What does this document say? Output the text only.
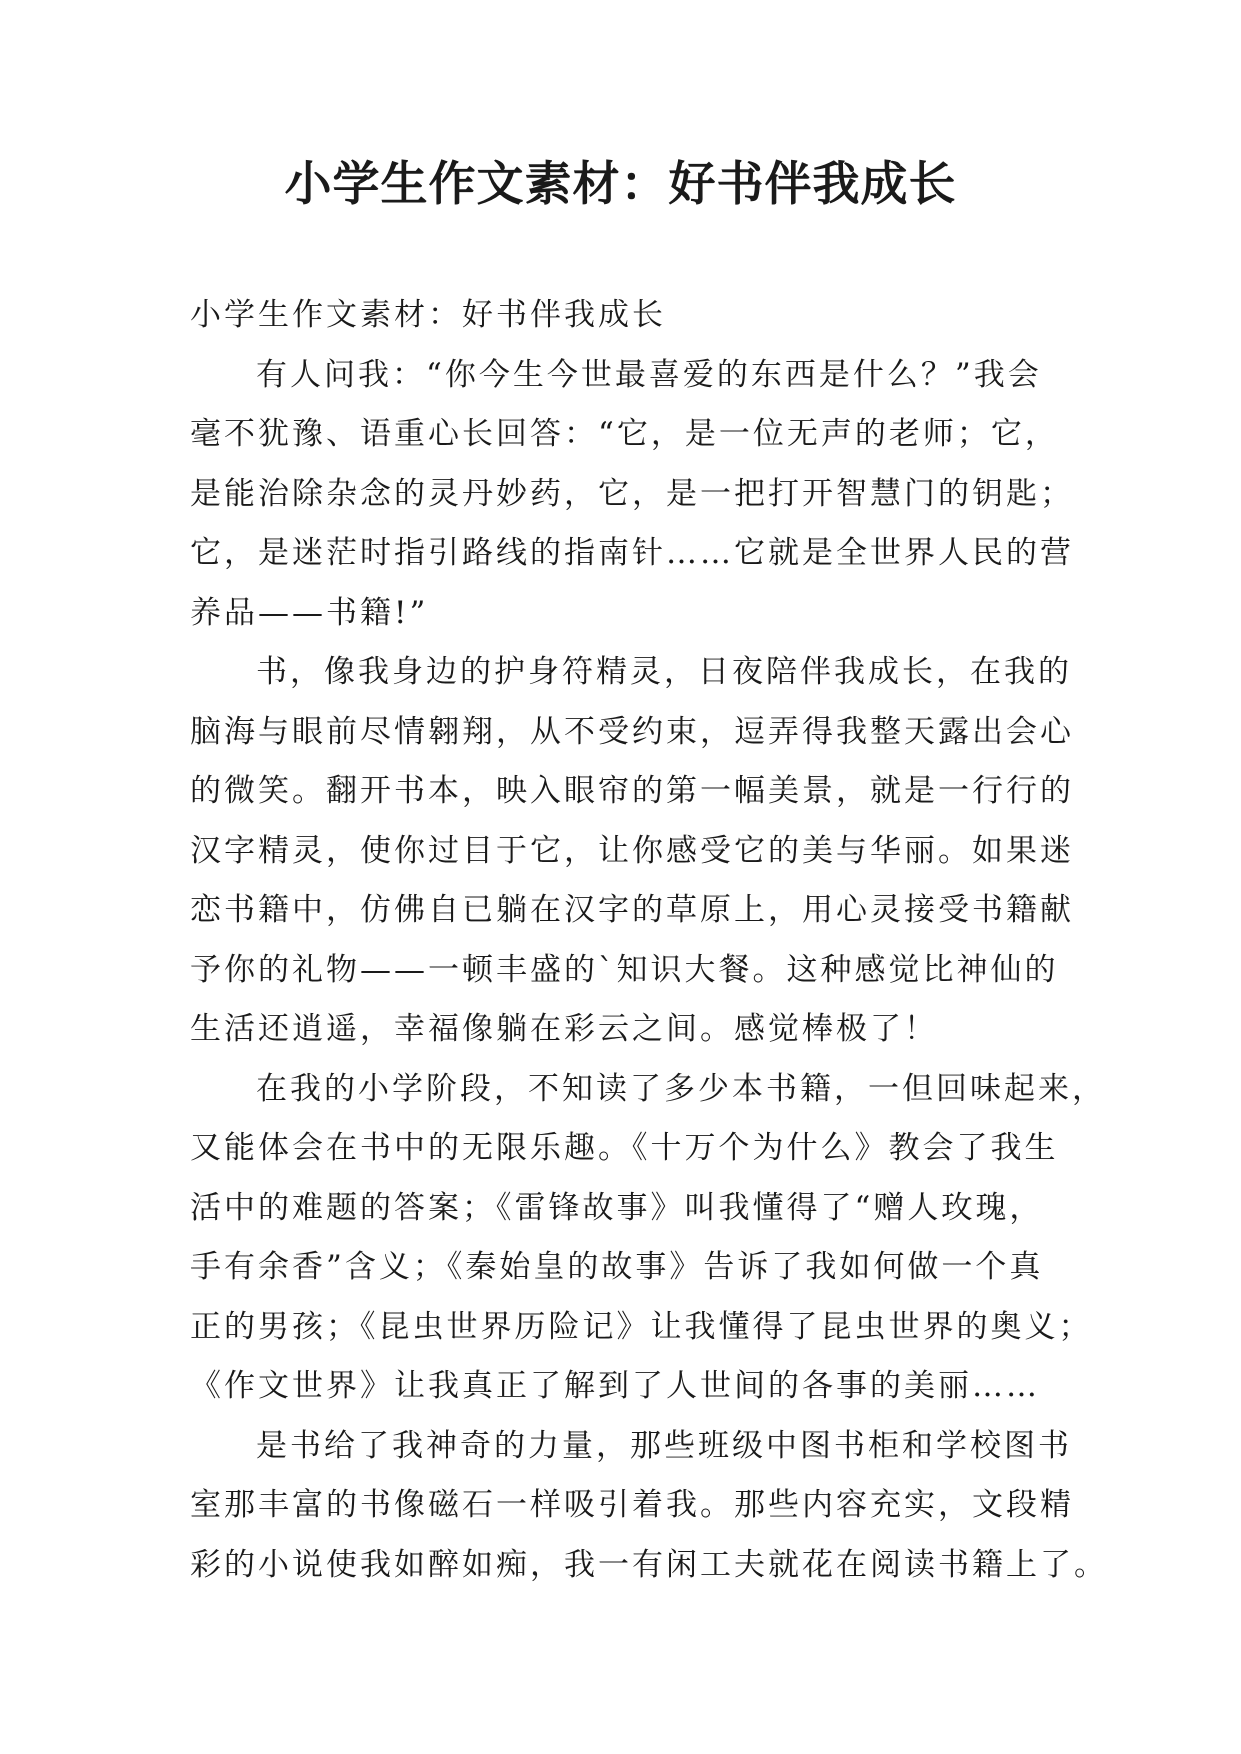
小学生作文素材：好书伴我成长
小学生作文素材：好书伴我成长
有人问我：“你今生今世最喜爱的东西是什么？”我会
毫不犹豫、语重心长回答：“它，是一位无声的老师；它，
是能治除杂念的灵丹妙药，它，是一把打开智慧门的钥匙；
它，是迷茫时指引路线的指南针……它就是全世界人民的营
养品——书籍!”
书，像我身边的护身符精灵，日夜陪伴我成长，在我的
脑海与眼前尽情翱翔，从不受约束，逗弄得我整天露出会心
的微笑。翻开书本，映入眼帘的第一幅美景，就是一行行的
汉字精灵，使你过目于它，让你感受它的美与华丽。如果迷
恋书籍中，仿佛自已躺在汉字的草原上，用心灵接受书籍献
予你的礼物——一顿丰盛的`知识大餐。这种感觉比神仙的
生活还逍遥，幸福像躺在彩云之间。感觉棒极了！
在我的小学阶段，不知读了多少本书籍，一但回味起来，
又能体会在书中的无限乐趣。《十万个为什么》教会了我生
活中的难题的答案；《雷锋故事》叫我懂得了“赠人玫瑰，
手有余香”含义；《秦始皇的故事》告诉了我如何做一个真
正的男孩；《昆虫世界历险记》让我懂得了昆虫世界的奥义；
《作文世界》让我真正了解到了人世间的各事的美丽……
是书给了我神奇的力量，那些班级中图书柜和学校图书
室那丰富的书像磁石一样吸引着我。那些内容充实，文段精
彩的小说使我如醉如痴，我一有闲工夫就花在阅读书籍上了。
